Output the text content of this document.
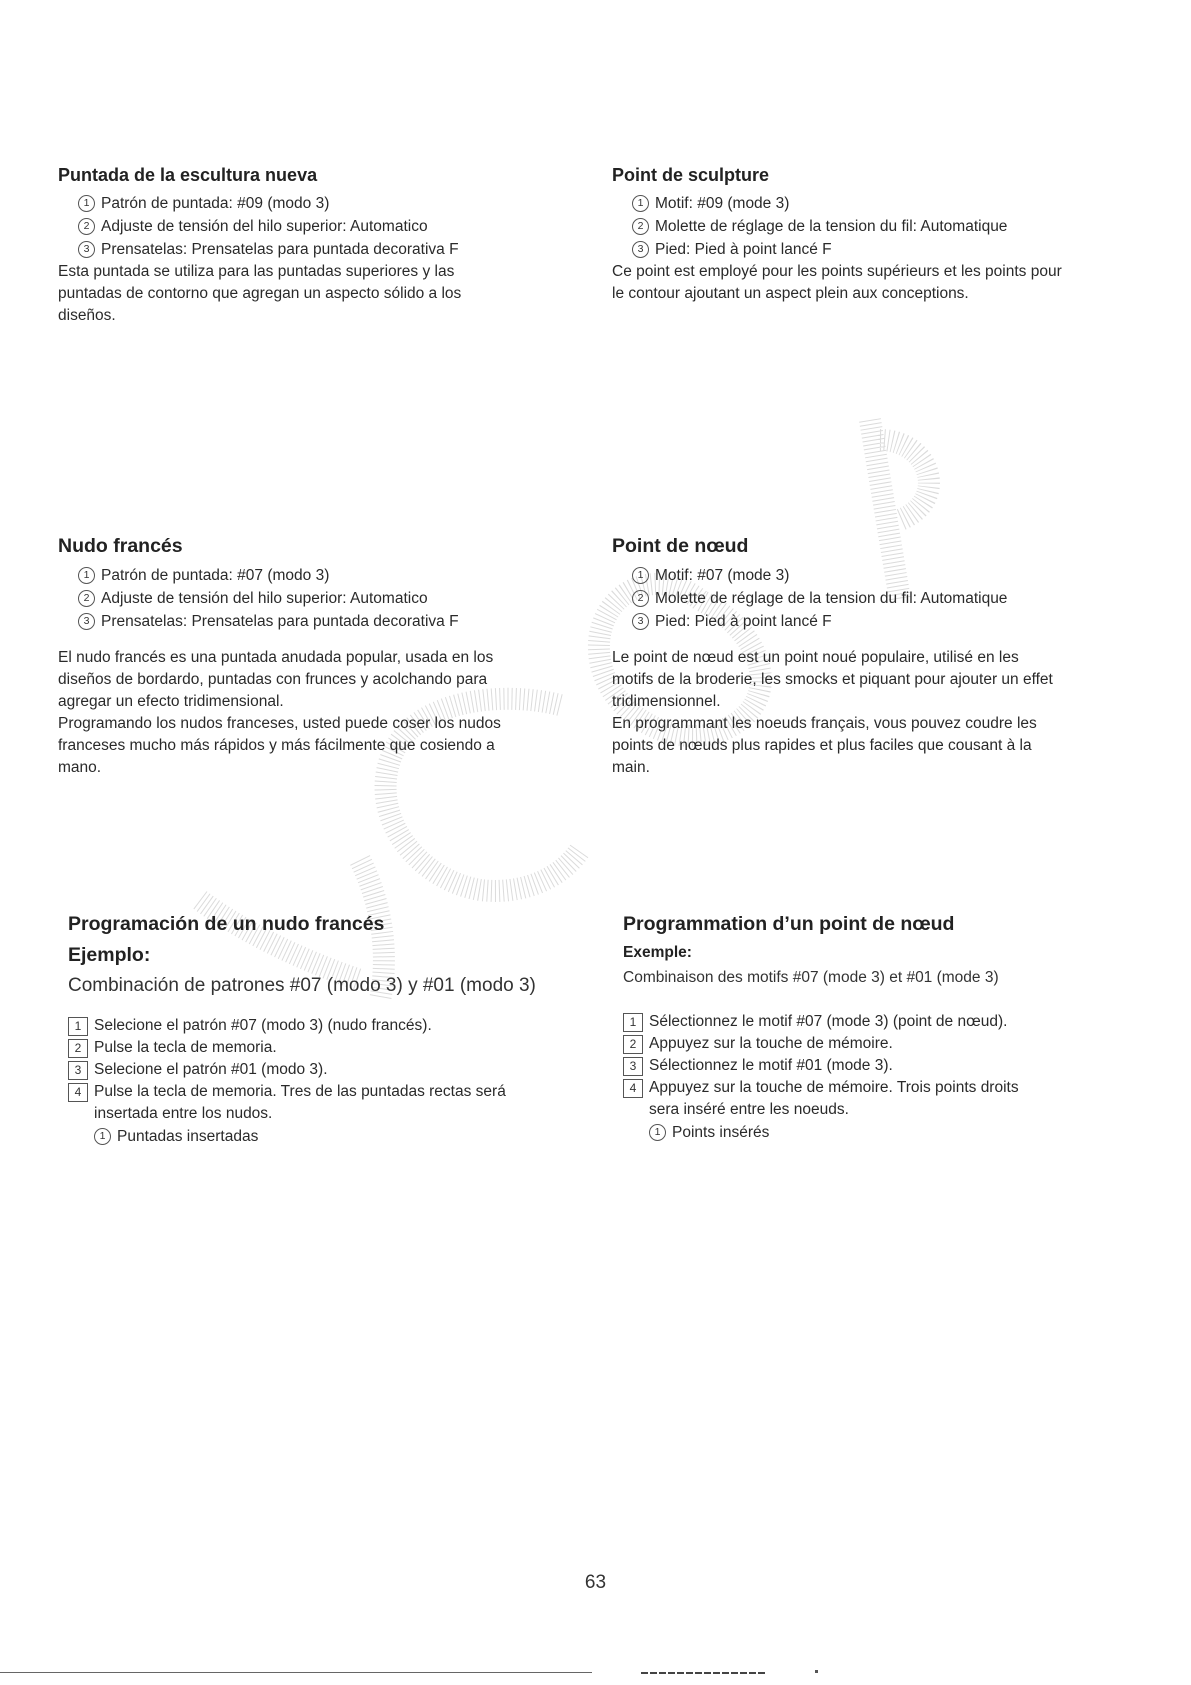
Puntada de la escultura nueva
1 Patrón de puntada: #09 (modo 3)
2 Adjuste de tensión del hilo superior: Automatico
3 Prensatelas: Prensatelas para puntada decorativa F
Esta puntada se utiliza para las puntadas superiores y las
puntadas de contorno que agregan un aspecto sólido a los
diseños.
Point de sculpture
1 Motif: #09 (mode 3)
2 Molette de réglage de la tension du fil: Automatique
3 Pied: Pied à point lancé F
Ce point est employé pour les points supérieurs et les points pour
le contour ajoutant un aspect plein aux conceptions.
Nudo francés
1 Patrón de puntada: #07 (modo 3)
2 Adjuste de tensión del hilo superior: Automatico
3 Prensatelas: Prensatelas para puntada decorativa F
El nudo francés es una puntada anudada popular, usada en los
diseños de bordardo, puntadas con frunces y acolchando para
agregar un efecto tridimensional.
Programando los nudos franceses, usted puede coser los nudos
franceses mucho más rápidos y más fácilmente que cosiendo a
mano.
Point de nœud
1 Motif: #07 (mode 3)
2 Molette de réglage de la tension du fil: Automatique
3 Pied: Pied à point lancé F
Le point de nœud est un point noué populaire, utilisé en les
motifs de la broderie, les smocks et piquant pour ajouter un effet
tridimensionnel.
En programmant les noeuds français, vous pouvez coudre les
points de nœuds plus rapides et plus faciles que cousant à la
main.
Programación de un nudo francés
Ejemplo:
Combinación de patrones #07 (modo 3) y #01 (modo 3)
1 Selecione el patrón #07 (modo 3) (nudo francés).
2 Pulse la tecla de memoria.
3 Selecione el patrón #01 (modo 3).
4 Pulse la tecla de memoria. Tres de las puntadas rectas será
insertada entre los nudos.
1 Puntadas insertadas
Programmation d’un point de nœud
Exemple:
Combinaison des motifs #07 (mode 3) et #01 (mode 3)
1 Sélectionnez le motif #07 (mode 3) (point de nœud).
2 Appuyez sur la touche de mémoire.
3 Sélectionnez le motif #01 (mode 3).
4 Appuyez sur la touche de mémoire. Trois points droits
sera inséré entre les noeuds.
1 Points insérés
63
